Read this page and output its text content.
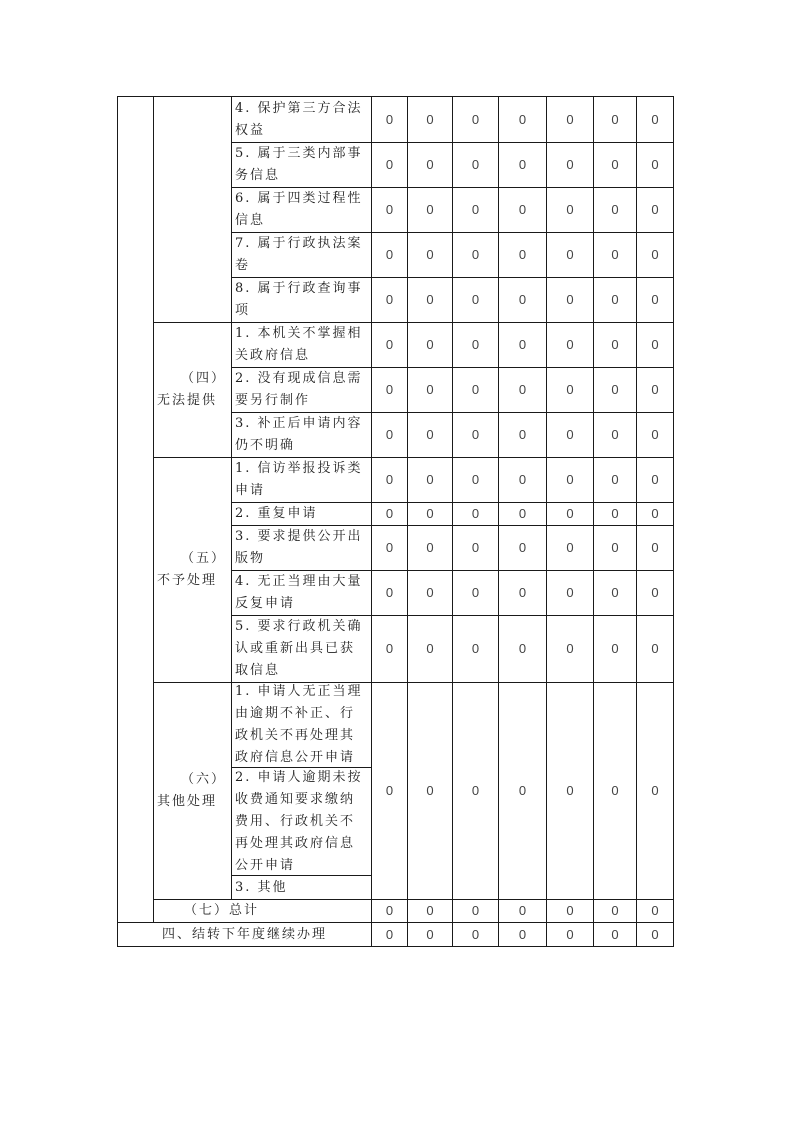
4. 保护第三方合法权益
0	0	0	0	0	0	0
5. 属于三类内部事务信息
0	0	0	0	0	0	0
6. 属于四类过程性信息
0	0	0	0	0	0	0
7. 属于行政执法案卷
0	0	0	0	0	0	0
8. 属于行政查询事项
0	0	0	0	0	0	0
（四）
无法提供
1. 本机关不掌握相关政府信息
0	0	0	0	0	0	0
2. 没有现成信息需要另行制作
0	0	0	0	0	0	0
3. 补正后申请内容仍不明确
0	0	0	0	0	0	0
（五）
不予处理
1. 信访举报投诉类申请
0	0	0	0	0	0	0
2. 重复申请	0	0	0	0	0	0	0
3. 要求提供公开出版物
0	0	0	0	0	0	0
4. 无正当理由大量反复申请
0	0	0	0	0	0	0
5. 要求行政机关确认或重新出具已获取信息
0	0	0	0	0	0	0
（六）
其他处理
1. 申请人无正当理由逾期不补正、行政机关不再处理其政府信息公开申请
2. 申请人逾期未按收费通知要求缴纳费用、行政机关不再处理其政府信息公开申请
3. 其他
0	0	0	0	0	0	0
（七）总计	0	0	0	0	0	0	0
四、结转下年度继续办理	0	0	0	0	0	0	0
